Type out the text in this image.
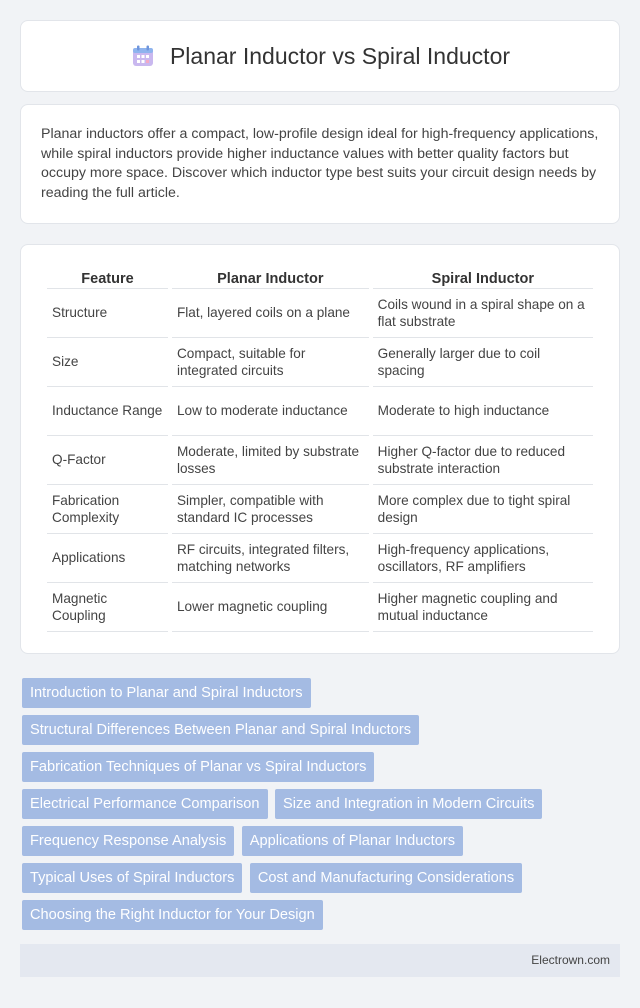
Planar Inductor vs Spiral Inductor

Planar inductors offer a compact, low-profile design ideal for high-frequency applications, while spiral inductors provide higher inductance values with better quality factors but occupy more space. Discover which inductor type best suits your circuit design needs by reading the full article.

Feature	Planar Inductor	Spiral Inductor
Structure	Flat, layered coils on a plane	Coils wound in a spiral shape on a flat substrate
Size	Compact, suitable for integrated circuits	Generally larger due to coil spacing
Inductance Range	Low to moderate inductance	Moderate to high inductance
Q-Factor	Moderate, limited by substrate losses	Higher Q-factor due to reduced substrate interaction
Fabrication Complexity	Simpler, compatible with standard IC processes	More complex due to tight spiral design
Applications	RF circuits, integrated filters, matching networks	High-frequency applications, oscillators, RF amplifiers
Magnetic Coupling	Lower magnetic coupling	Higher magnetic coupling and mutual inductance
Introduction to Planar and Spiral Inductors
Structural Differences Between Planar and Spiral Inductors
Fabrication Techniques of Planar vs Spiral Inductors
Electrical Performance Comparison Size and Integration in Modern Circuits
Frequency Response Analysis Applications of Planar Inductors
Typical Uses of Spiral Inductors Cost and Manufacturing Considerations
Choosing the Right Inductor for Your Design
Electrown.com
